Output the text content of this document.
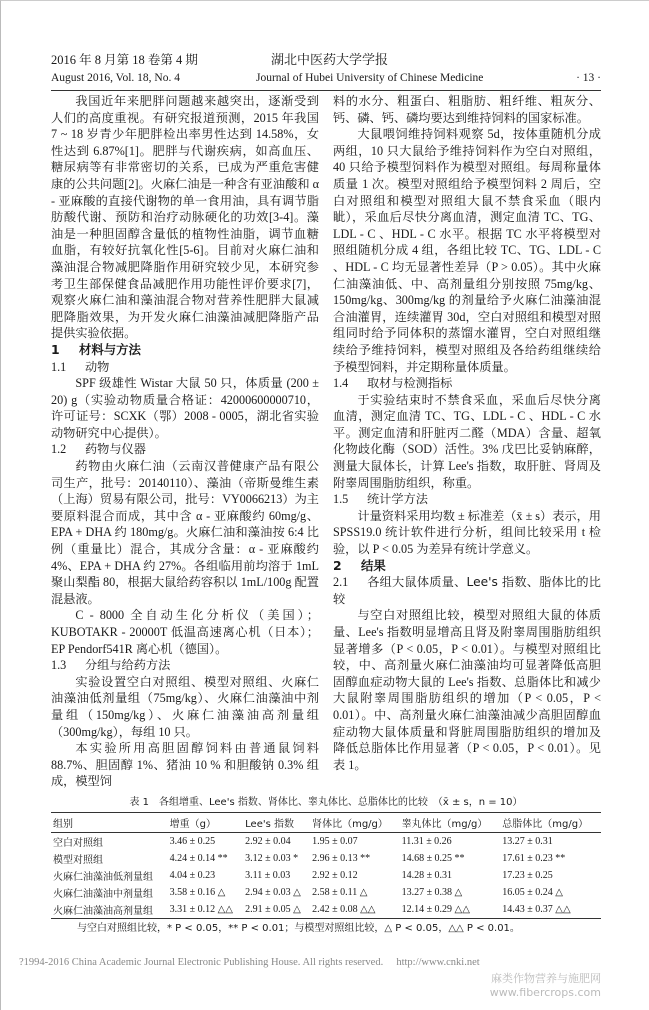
2016 年 8 月第 18 卷第 4 期	湖北中医药大学学报
August 2016, Vol. 18, No. 4	Journal of Hubei University of Chinese Medicine	· 13 ·

我国近年来肥胖问题越来越突出，逐渐受到人们的高度重视。有研究报道预测，2015 年我国 7 ~ 18 岁青少年肥胖检出率男性达到 14.58%，女性达到 6.87%[1]。肥胖与代谢疾病，如高血压、糖尿病等有非常密切的关系，已成为严重危害健康的公共问题[2]。火麻仁油是一种含有亚油酸和 α - 亚麻酸的直接代谢物的单一食用油，具有调节脂肪酸代谢、预防和治疗动脉硬化的功效[3-4]。藻油是一种胆固醇含量低的植物性油脂，调节血糖血脂，有较好抗氧化性[5-6]。目前对火麻仁油和藻油混合物减肥降脂作用研究较少见，本研究参考卫生部保健食品减肥作用功能性评价要求[7]，观察火麻仁油和藻油混合物对营养性肥胖大鼠减肥降脂效果，为开发火麻仁油藻油减肥降脂产品提供实验依据。

1 材料与方法
1.1 动物

SPF 级雄性 Wistar 大鼠 50 只，体质量 (200 ± 20) g（实验动物质量合格证：42000600000710，许可证号：SCXK（鄂）2008 - 0005，湖北省实验动物研究中心提供）。

1.2 药物与仪器

药物由火麻仁油（云南汉普健康产品有限公司生产，批号：20140110）、藻油（帝斯曼维生素（上海）贸易有限公司，批号：VY0066213）为主要原料混合而成，其中含 α - 亚麻酸约 60mg/g、EPA + DHA 约 180mg/g。火麻仁油和藻油按 6:4 比例（重量比）混合，其成分含量：α - 亚麻酸约 4%、EPA + DHA 约 27%。各组临用前均溶于 1mL 聚山梨酯 80，根据大鼠给药容积以 1mL/100g 配置混悬液。

C - 8000 全自动生化分析仪（美国）；KUBOTAKR - 20000T 低温高速离心机（日本）；EP Pendorf541R 离心机（德国）。

1.3 分组与给药方法

实验设置空白对照组、模型对照组、火麻仁油藻油低剂量组（75mg/kg）、火麻仁油藻油中剂量组（150mg/kg）、火麻仁油藻油高剂量组（300mg/kg），每组 10 只。

本实验所用高胆固醇饲料由普通鼠饲料 88.7%、胆固醇 1%、猪油 10 % 和胆酸钠 0.3% 组成，模型饲

料的水分、粗蛋白、粗脂肪、粗纤维、粗灰分、钙、磷、钙、磷均要达到维持饲料的国家标准。

大鼠喂饲维持饲料观察 5d，按体重随机分成两组，10 只大鼠给予维持饲料作为空白对照组，40 只给予模型饲料作为模型对照组。每周称量体质量 1 次。模型对照组给予模型饲料 2 周后，空白对照组和模型对照组大鼠不禁食采血（眼内眦），采血后尽快分离血清，测定血清 TC、TG、LDL - C 、HDL - C 水平。根据 TC 水平将模型对照组随机分成 4 组，各组比较 TC、TG、LDL - C 、HDL - C 均无显著性差异（P > 0.05）。其中火麻仁油藻油低、中、高剂量组分别按照 75mg/kg、150mg/kg、300mg/kg 的剂量给予火麻仁油藻油混合油灌胃，连续灌胃 30d，空白对照组和模型对照组同时给予同体积的蒸馏水灌胃，空白对照组继续给予维持饲料，模型对照组及各给药组继续给予模型饲料，并定期称量体质量。

1.4 取材与检测指标

于实验结束时不禁食采血，采血后尽快分离血清，测定血清 TC、TG、LDL - C 、HDL - C 水平。测定血清和肝脏丙二醛（MDA）含量、超氧化物歧化酶（SOD）活性。3% 戊巴比妥钠麻醉，测量大鼠体长，计算 Lee's 指数，取肝脏、肾周及附睾周围脂肪组织，称重。

1.5 统计学方法

计量资料采用均数 ± 标准差（x̄ ± s）表示，用 SPSS19.0 统计软件进行分析，组间比较采用 t 检验，以 P < 0.05 为差异有统计学意义。

2 结果
2.1 各组大鼠体质量、Lee's 指数、脂体比的比较

与空白对照组比较，模型对照组大鼠的体质量、Lee's 指数明显增高且肾及附睾周围脂肪组织显著增多（P < 0.05，P < 0.01）。与模型对照组比较，中、高剂量火麻仁油藻油均可显著降低高胆固醇血症动物大鼠的 Lee's 指数、总脂体比和减少大鼠附睾周围脂肪组织的增加（P < 0.05，P < 0.01）。中、高剂量火麻仁油藻油减少高胆固醇血症动物大鼠体质量和肾脏周围脂肪组织的增加及降低总脂体比作用显著（P < 0.05，P < 0.01）。见表 1。

表 1　各组增重、Lee's 指数、肾体比、睾丸体比、总脂体比的比较　（x̄ ± s，n = 10）
组别	增重（g）	Lee's 指数	肾体比（mg/g）	睾丸体比（mg/g）	总脂体比（mg/g）
空白对照组	3.46 ± 0.25	2.92 ± 0.04	1.95 ± 0.07	11.31 ± 0.26	13.27 ± 0.31
模型对照组	4.24 ± 0.14 **	3.12 ± 0.03 *	2.96 ± 0.13 **	14.68 ± 0.25 **	17.61 ± 0.23 **
火麻仁油藻油低剂量组	4.04 ± 0.23	3.11 ± 0.03	2.92 ± 0.12	14.28 ± 0.31	17.23 ± 0.25
火麻仁油藻油中剂量组	3.58 ± 0.16 △	2.94 ± 0.03 △	2.58 ± 0.11 △	13.27 ± 0.38 △	16.05 ± 0.24 △
火麻仁油藻油高剂量组	3.31 ± 0.12 △△	2.91 ± 0.05 △	2.42 ± 0.08 △△	12.14 ± 0.29 △△	14.43 ± 0.37 △△
与空白对照组比较，* P < 0.05，** P < 0.01；与模型对照组比较，△ P < 0.05，△△ P < 0.01。
?1994-2016 China Academic Journal Electronic Publishing House. All rights reserved.　 http://www.cnki.net
麻类作物营养与施肥网
www.fibercrops.com
